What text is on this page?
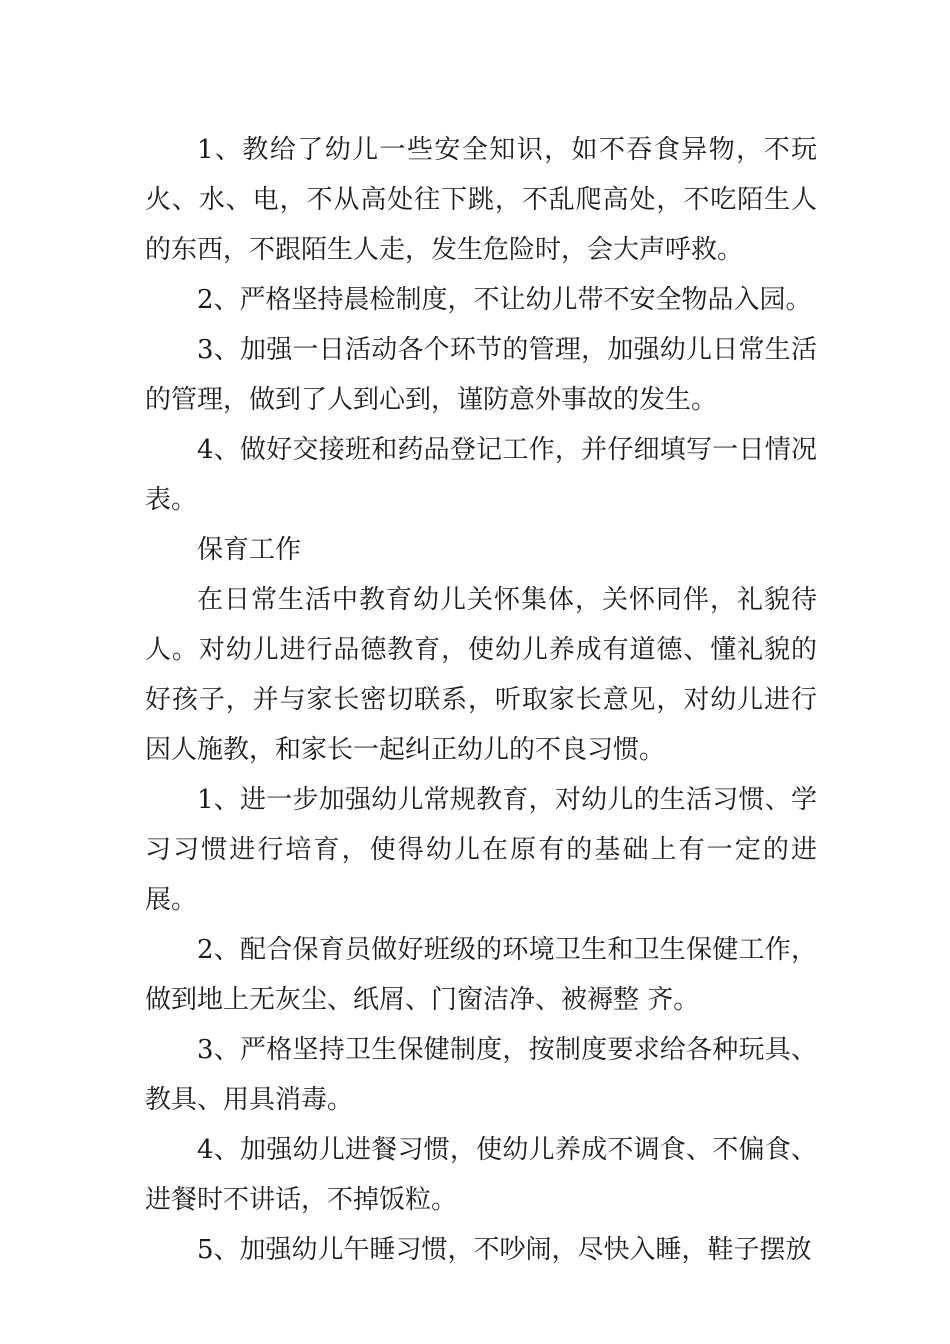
1、教给了幼儿一些安全知识，如不吞食异物，不玩火、水、电，不从高处往下跳，不乱爬高处，不吃陌生人的东西，不跟陌生人走，发生危险时，会大声呼救。

2、严格坚持晨检制度，不让幼儿带不安全物品入园。

3、加强一日活动各个环节的管理，加强幼儿日常生活的管理，做到了人到心到，谨防意外事故的发生。

4、做好交接班和药品登记工作，并仔细填写一日情况表。

保育工作

在日常生活中教育幼儿关怀集体，关怀同伴，礼貌待人。对幼儿进行品德教育，使幼儿养成有道德、懂礼貌的好孩子，并与家长密切联系，听取家长意见，对幼儿进行因人施教，和家长一起纠正幼儿的不良习惯。

1、进一步加强幼儿常规教育，对幼儿的生活习惯、学习习惯进行培育，使得幼儿在原有的基础上有一定的进展。

2、配合保育员做好班级的环境卫生和卫生保健工作，做到地上无灰尘、纸屑、门窗洁净、被褥整 齐。

3、严格坚持卫生保健制度，按制度要求给各种玩具、教具、用具消毒。

4、加强幼儿进餐习惯，使幼儿养成不调食、不偏食、进餐时不讲话，不掉饭粒。

5、加强幼儿午睡习惯，不吵闹，尽快入睡，鞋子摆放
